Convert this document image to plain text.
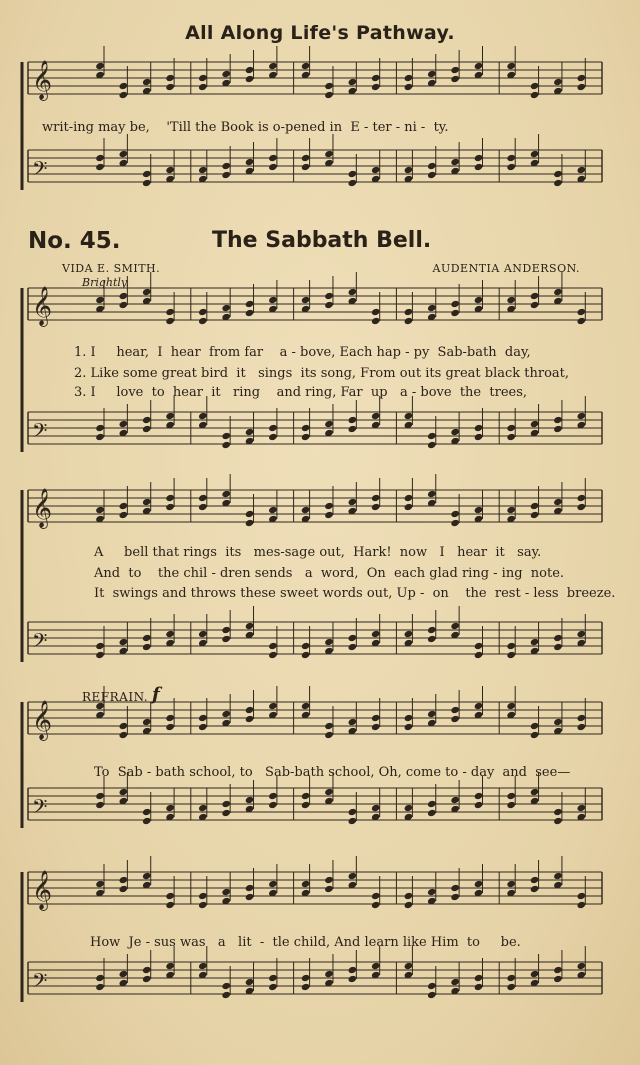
All Along Life's Pathway.
writ-ing may be,    'Till the Book is o-pened in  E - ter - ni -  ty.
No. 45.	The Sabbath Bell.
VIDA E. SMITH.	AUDENTIA ANDERSON.
Brightly.
1. I     hear,  I  hear  from far    a - bove, Each hap - py  Sab-bath  day,
2. Like some great bird  it   sings  its song, From out its great black throat,
3. I     love  to  hear  it   ring    and ring, Far  up   a - bove  the  trees,
A     bell that rings  its   mes-sage out,  Hark!  now   I   hear  it   say.
And  to    the chil - dren sends   a  word,  On  each glad ring - ing  note.
It  swings and throws these sweet words out, Up -  on    the  rest - less  breeze.
REFRAIN. f
To  Sab - bath school, to   Sab-bath school, Oh, come to - day  and  see—
How  Je - sus was   a   lit  -  tle child, And learn like Him  to     be.
𝄞
𝄢
𝄞
𝄢
𝄞
𝄢
𝄞
𝄢
𝄞
𝄢
